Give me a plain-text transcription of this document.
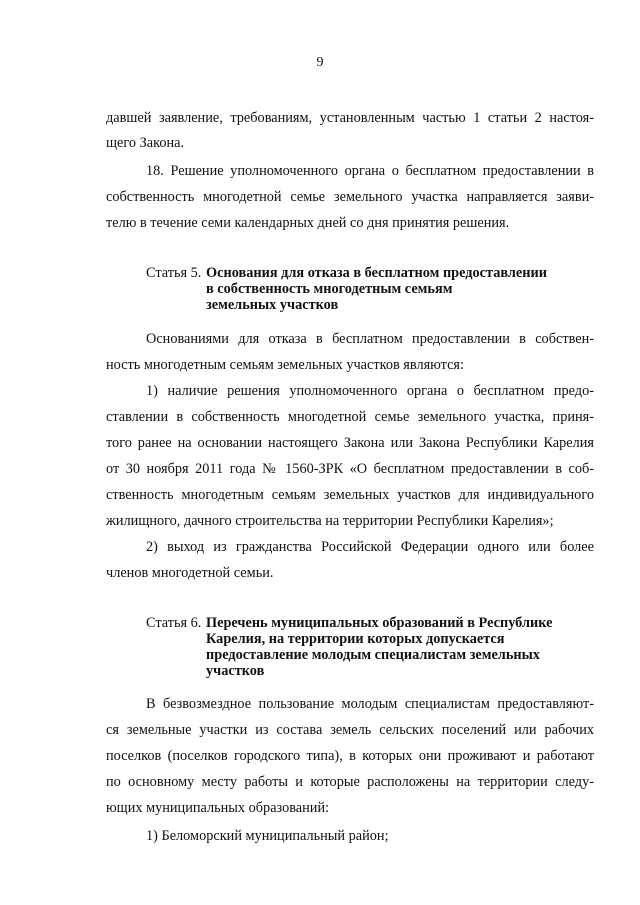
9
давшей заявление, требованиям, установленным частью 1 статьи 2 настоя-
щего Закона.
18. Решение уполномоченного органа о бесплатном предоставлении в
собственность многодетной семье земельного участка направляется заяви-
телю в течение семи календарных дней со дня принятия решения.
Статья 5. Основания для отказа в бесплатном предоставлении
в собственность многодетным семьям
земельных участков
Основаниями для отказа в бесплатном предоставлении в собствен-
ность многодетным семьям земельных участков являются:
1) наличие решения уполномоченного органа о бесплатном предо-
ставлении в собственность многодетной семье земельного участка, приня-
того ранее на основании настоящего Закона или Закона Республики Карелия
от 30 ноября 2011 года № 1560-ЗРК «О бесплатном предоставлении в соб-
ственность многодетным семьям земельных участков для индивидуального
жилищного, дачного строительства на территории Республики Карелия»;
2) выход из гражданства Российской Федерации одного или более
членов многодетной семьи.
Статья 6. Перечень муниципальных образований в Республике
Карелия, на территории которых допускается
предоставление молодым специалистам земельных
участков
В безвозмездное пользование молодым специалистам предоставляют-
ся земельные участки из состава земель сельских поселений или рабочих
поселков (поселков городского типа), в которых они проживают и работают
по основному месту работы и которые расположены на территории следу-
ющих муниципальных образований:
1) Беломорский муниципальный район;
